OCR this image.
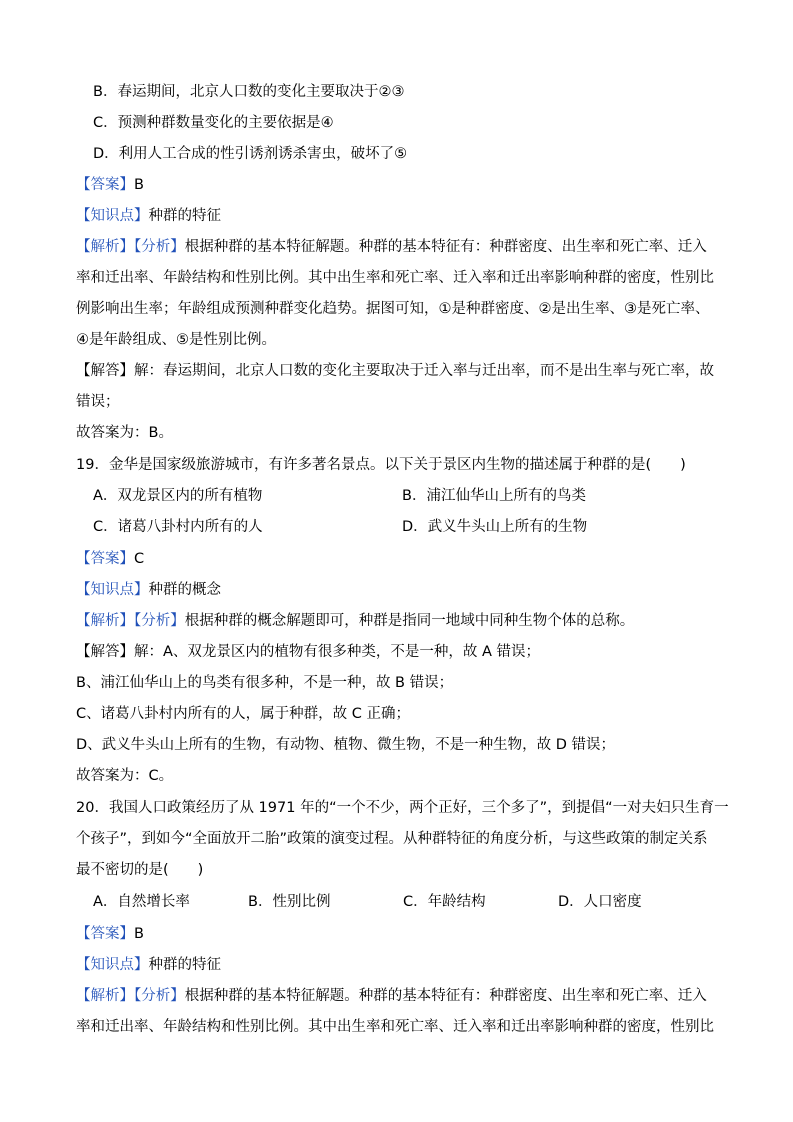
B．春运期间，北京人口数的变化主要取决于②③
C．预测种群数量变化的主要依据是④
D．利用人工合成的性引诱剂诱杀害虫，破坏了⑤
【答案】B
【知识点】种群的特征
【解析】【分析】根据种群的基本特征解题。种群的基本特征有：种群密度、出生率和死亡率、迁入
率和迁出率、年龄结构和性别比例。其中出生率和死亡率、迁入率和迁出率影响种群的密度，性别比
例影响出生率；年龄组成预测种群变化趋势。据图可知，①是种群密度、②是出生率、③是死亡率、
④是年龄组成、⑤是性别比例。
【解答】解：春运期间，北京人口数的变化主要取决于迁入率与迁出率，而不是出生率与死亡率，故
错误；
故答案为：B。
19．金华是国家级旅游城市，有许多著名景点。以下关于景区内生物的描述属于种群的是(　　)
A．双龙景区内的所有植物	B．浦江仙华山上所有的鸟类
C．诸葛八卦村内所有的人	D．武义牛头山上所有的生物
【答案】C
【知识点】种群的概念
【解析】【分析】根据种群的概念解题即可，种群是指同一地域中同种生物个体的总称。
【解答】解：A、双龙景区内的植物有很多种类，不是一种，故 A 错误；
B、浦江仙华山上的鸟类有很多种，不是一种，故 B 错误；
C、诸葛八卦村内所有的人，属于种群，故 C 正确；
D、武义牛头山上所有的生物，有动物、植物、微生物，不是一种生物，故 D 错误；
故答案为：C。
20．我国人口政策经历了从 1971 年的“一个不少，两个正好，三个多了”，到提倡“一对夫妇只生育一
个孩子”，到如今“全面放开二胎”政策的演变过程。从种群特征的角度分析，与这些政策的制定关系
最不密切的是(　　)
A．自然增长率	B．性别比例	C．年龄结构	D．人口密度
【答案】B
【知识点】种群的特征
【解析】【分析】根据种群的基本特征解题。种群的基本特征有：种群密度、出生率和死亡率、迁入
率和迁出率、年龄结构和性别比例。其中出生率和死亡率、迁入率和迁出率影响种群的密度，性别比
